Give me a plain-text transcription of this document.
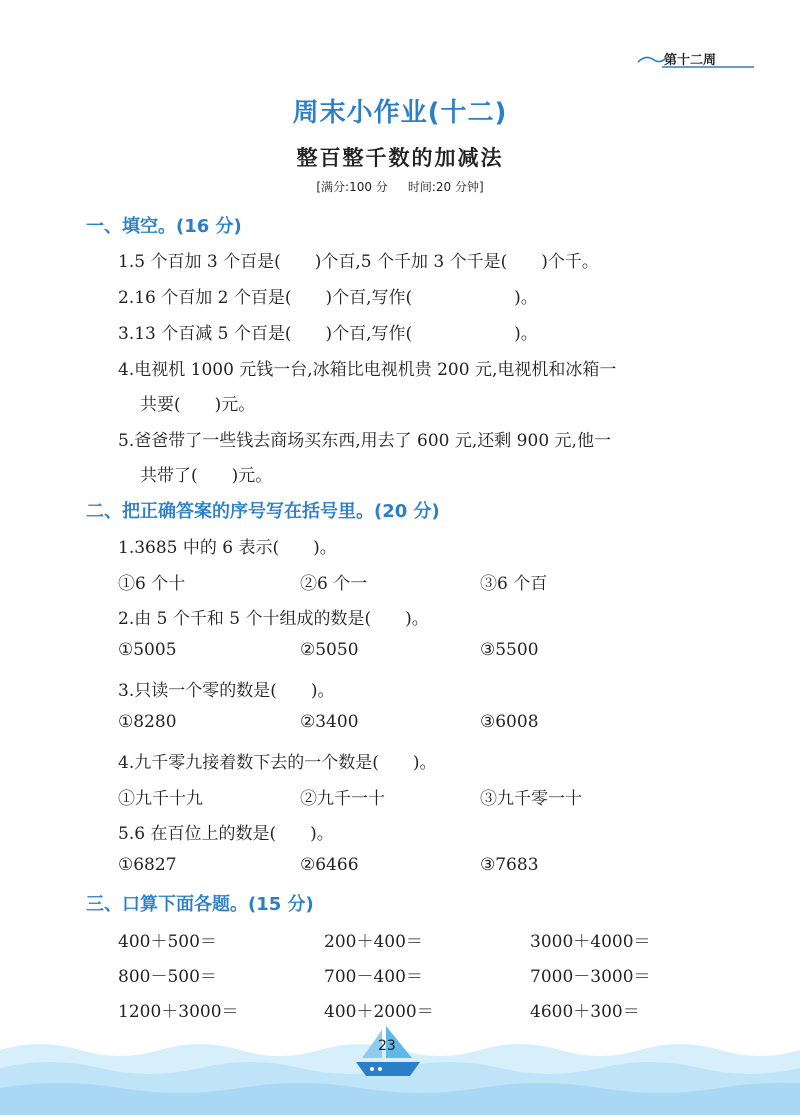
第十二周
周末小作业(十二)
整百整千数的加减法
[满分:100 分 时间:20 分钟]
一、填空。(16 分)
1.5 个百加 3 个百是(　　)个百,5 个千加 3 个千是(　　)个千。
2.16 个百加 2 个百是(　　)个百,写作(　　　　　　)。
3.13 个百减 5 个百是(　　)个百,写作(　　　　　　)。
4.电视机 1000 元钱一台,冰箱比电视机贵 200 元,电视机和冰箱一
共要(　　)元。
5.爸爸带了一些钱去商场买东西,用去了 600 元,还剩 900 元,他一
共带了(　　)元。
二、把正确答案的序号写在括号里。(20 分)
1.3685 中的 6 表示(　　)。
①6 个十	②6 个一	③6 个百
2.由 5 个千和 5 个十组成的数是(　　)。
①5005	②5050	③5500
3.只读一个零的数是(　　)。
①8280	②3400	③6008
4.九千零九接着数下去的一个数是(　　)。
①九千十九	②九千一十	③九千零一十
5.6 在百位上的数是(　　)。
①6827	②6466	③7683
三、口算下面各题。(15 分)
400＋500＝	200＋400＝	3000＋4000＝
800－500＝	700－400＝	7000－3000＝
1200＋3000＝	400＋2000＝	4600＋300＝
23
